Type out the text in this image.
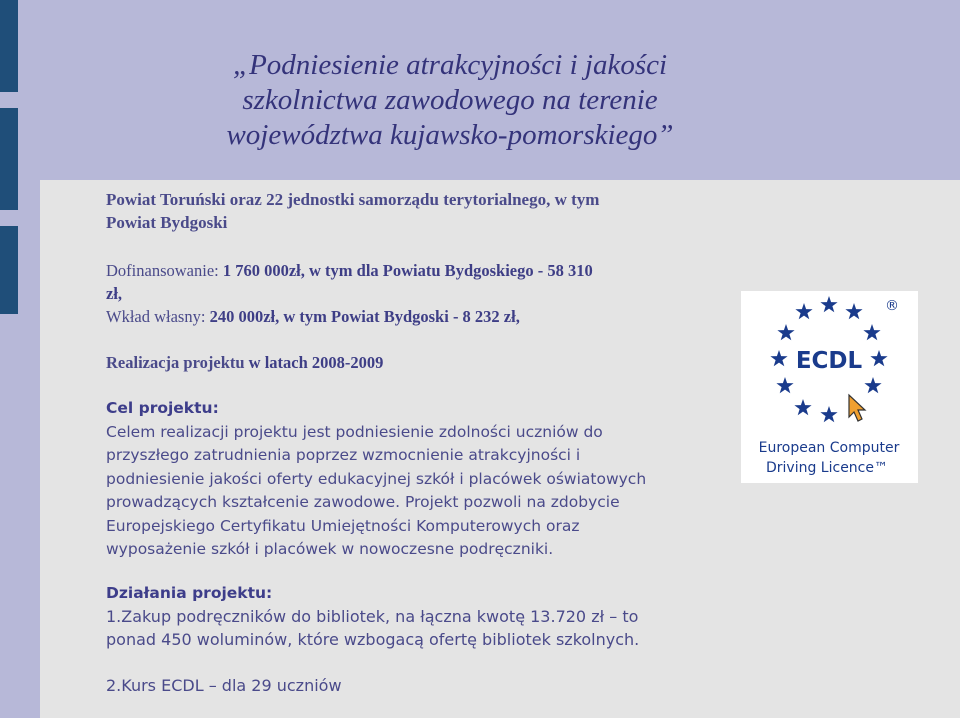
„Podniesienie atrakcyjności i jakości
szkolnictwa zawodowego na terenie
województwa kujawsko-pomorskiego”
Powiat Toruński oraz 22 jednostki samorządu terytorialnego, w tym
Powiat Bydgoski
Dofinansowanie: 1 760 000zł, w tym dla Powiatu Bydgoskiego - 58 310
zł,
Wkład własny: 240 000zł, w tym Powiat Bydgoski - 8 232 zł,
Realizacja projektu w latach 2008-2009
Cel projektu:
Celem realizacji projektu jest podniesienie zdolności uczniów do
przyszłego zatrudnienia poprzez wzmocnienie atrakcyjności i
podniesienie jakości oferty edukacyjnej szkół i placówek oświatowych
prowadzących kształcenie zawodowe. Projekt pozwoli na zdobycie
Europejskiego Certyfikatu Umiejętności Komputerowych oraz
wyposażenie szkół i placówek w nowoczesne podręczniki.
Działania projektu:
1.Zakup podręczników do bibliotek, na łączna kwotę 13.720 zł – to
ponad 450 woluminów, które wzbogacą ofertę bibliotek szkolnych.
2.Kurs ECDL – dla 29 uczniów
®
ECDL
European Computer
Driving Licence™
